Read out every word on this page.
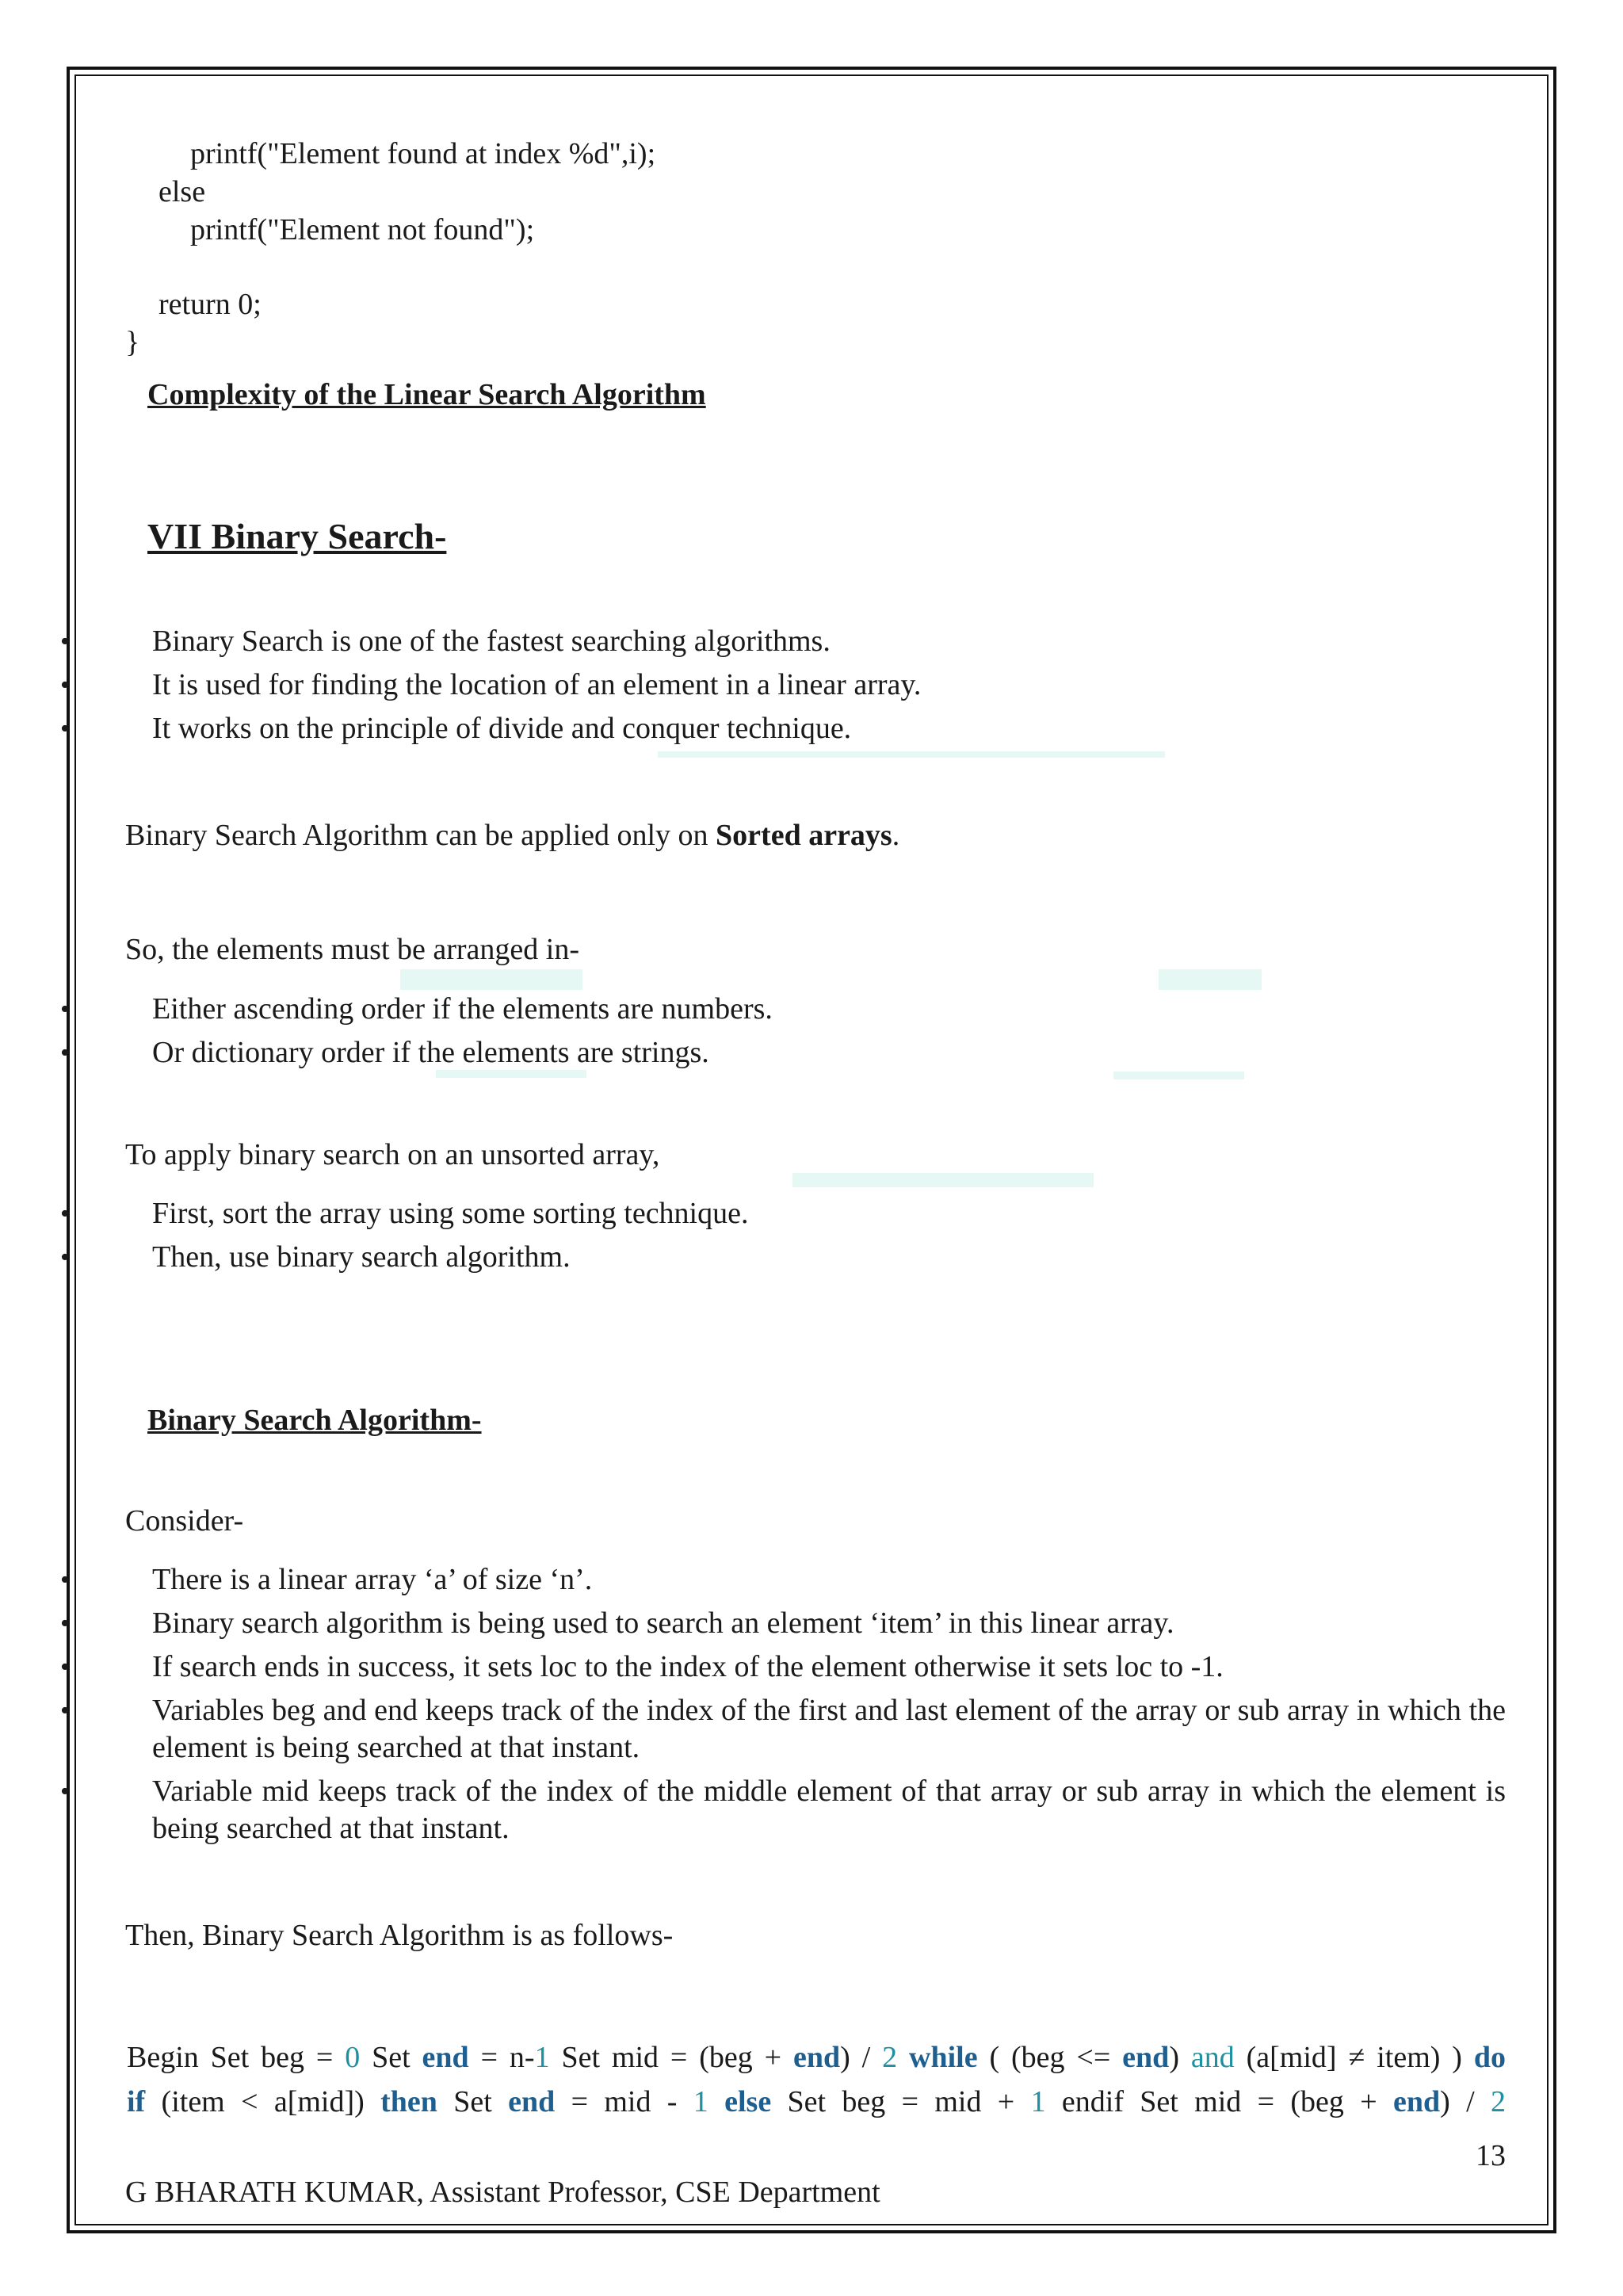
printf("Element found at index %d",i);
else
printf("Element not found");
return 0;
}
Complexity of the Linear Search Algorithm
VII Binary Search-
• Binary Search is one of the fastest searching algorithms.
• It is used for finding the location of an element in a linear array.
• It works on the principle of divide and conquer technique.
Binary Search Algorithm can be applied only on Sorted arrays.
So, the elements must be arranged in-
• Either ascending order if the elements are numbers.
• Or dictionary order if the elements are strings.
To apply binary search on an unsorted array,
• First, sort the array using some sorting technique.
• Then, use binary search algorithm.
Binary Search Algorithm-
Consider-
• There is a linear array ‘a’ of size ‘n’.
• Binary search algorithm is being used to search an element ‘item’ in this linear array.
• If search ends in success, it sets loc to the index of the element otherwise it sets loc to -1.
• Variables beg and end keeps track of the index of the first and last element of the array or sub array in which the element is being searched at that instant.
• Variable mid keeps track of the index of the middle element of that array or sub array in which the element is being searched at that instant.
Then, Binary Search Algorithm is as follows-
Begin Set beg = 0 Set end = n-1 Set mid = (beg + end) / 2 while ( (beg <= end) and (a[mid] ≠ item) ) do
if (item < a[mid]) then Set end = mid - 1 else Set beg = mid + 1 endif Set mid = (beg + end) / 2
13
G BHARATH KUMAR, Assistant Professor, CSE Department
